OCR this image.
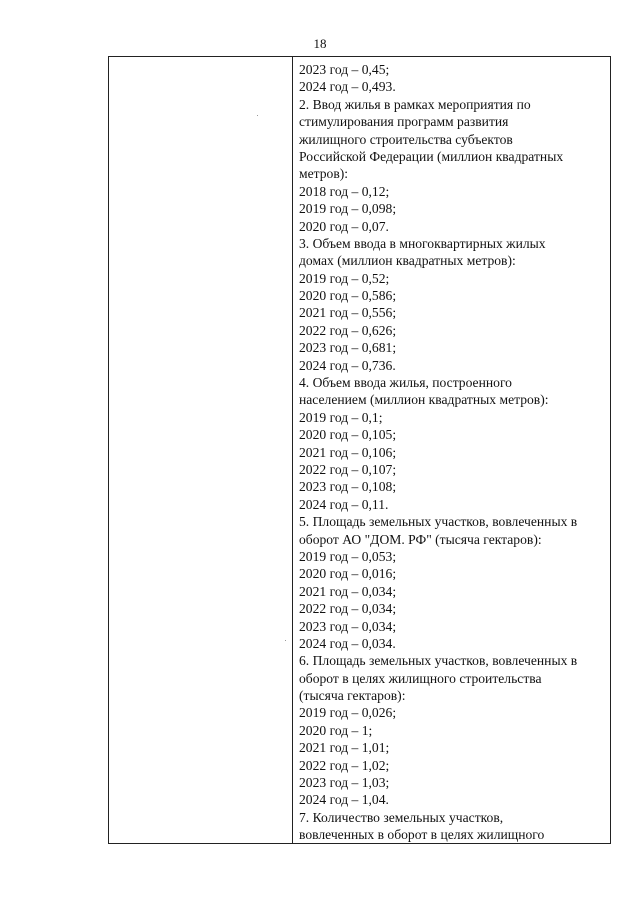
18
2023 год – 0,45;
2024 год – 0,493.
2. Ввод жилья в рамках мероприятия по
стимулирования программ развития
жилищного строительства субъектов
Российской Федерации (миллион квадратных
метров):
2018 год – 0,12;
2019 год – 0,098;
2020 год – 0,07.
3. Объем ввода в многоквартирных жилых
домах (миллион квадратных метров):
2019 год – 0,52;
2020 год – 0,586;
2021 год – 0,556;
2022 год – 0,626;
2023 год – 0,681;
2024 год – 0,736.
4. Объем ввода жилья, построенного
населением (миллион квадратных метров):
2019 год – 0,1;
2020 год – 0,105;
2021 год – 0,106;
2022 год – 0,107;
2023 год – 0,108;
2024 год – 0,11.
5. Площадь земельных участков, вовлеченных в
оборот АО "ДОМ. РФ" (тысяча гектаров):
2019 год – 0,053;
2020 год – 0,016;
2021 год – 0,034;
2022 год – 0,034;
2023 год – 0,034;
2024 год – 0,034.
6. Площадь земельных участков, вовлеченных в
оборот в целях жилищного строительства
(тысяча гектаров):
2019 год – 0,026;
2020 год – 1;
2021 год – 1,01;
2022 год – 1,02;
2023 год – 1,03;
2024 год – 1,04.
7. Количество земельных участков,
вовлеченных в оборот в целях жилищного
